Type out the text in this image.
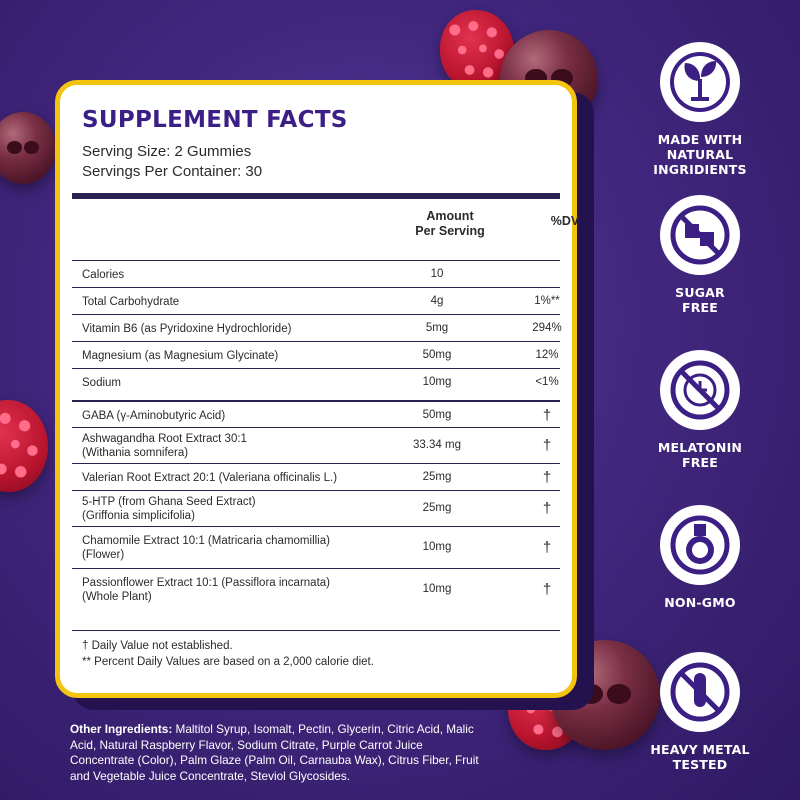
SUPPLEMENT FACTS
Serving Size: 2 Gummies
Servings Per Container: 30
Amount
Per Serving
%DV
Calories	10
Total Carbohydrate	4g	1%**
Vitamin B6 (as Pyridoxine Hydrochloride)	5mg	294%
Magnesium (as Magnesium Glycinate)	50mg	12%
Sodium	10mg	<1%
GABA (γ-Aminobutyric Acid)	50mg	†
Ashwagandha Root Extract 30:1
(Withania somnifera)
33.34 mg	†
Valerian Root Extract 20:1 (Valeriana officinalis L.)	25mg	†
5-HTP (from Ghana Seed Extract)
(Griffonia simplicifolia)
25mg	†
Chamomile Extract 10:1 (Matricaria chamomillia)
(Flower)
10mg	†
Passionflower Extract 10:1 (Passiflora incarnata)
(Whole Plant)
10mg	†
† Daily Value not established.
** Percent Daily Values are based on a 2,000 calorie diet.
Other Ingredients: Maltitol Syrup, Isomalt, Pectin, Glycerin, Citric Acid, Malic Acid, Natural Raspberry Flavor, Sodium Citrate, Purple Carrot Juice Concentrate (Color), Palm Glaze (Palm Oil, Carnauba Wax), Citrus Fiber, Fruit and Vegetable Juice Concentrate, Steviol Glycosides.
MADE WITH
NATURAL INGRIDIENTS
SUGAR
FREE
MELATONIN
FREE
NON-GMO
HEAVY METAL
TESTED
